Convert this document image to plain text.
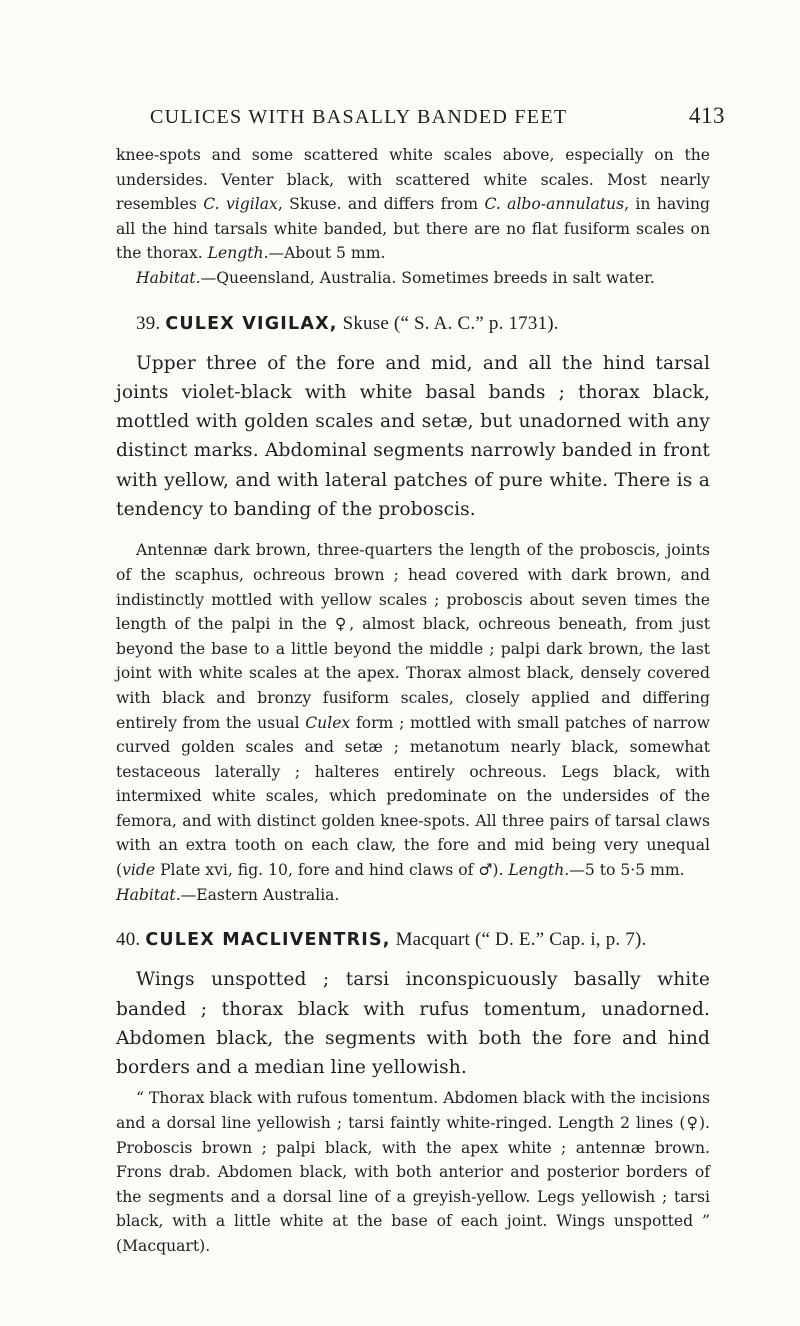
CULICES WITH BASALLY BANDED FEET	413

knee-spots and some scattered white scales above, especially on the undersides. Venter black, with scattered white scales. Most nearly resembles C. vigilax, Skuse. and differs from C. albo-annulatus, in having all the hind tarsals white banded, but there are no flat fusiform scales on the thorax. Length.—About 5 mm.

Habitat.—Queensland, Australia. Sometimes breeds in salt water.

39. CULEX VIGILAX, Skuse (“ S. A. C.” p. 1731).

Upper three of the fore and mid, and all the hind tarsal joints violet-black with white basal bands ; thorax black, mottled with golden scales and setæ, but unadorned with any distinct marks. Abdominal segments narrowly banded in front with yellow, and with lateral patches of pure white. There is a tendency to banding of the proboscis.

Antennæ dark brown, three-quarters the length of the proboscis, joints of the scaphus, ochreous brown ; head covered with dark brown, and indistinctly mottled with yellow scales ; proboscis about seven times the length of the palpi in the ♀, almost black, ochreous beneath, from just beyond the base to a little beyond the middle ; palpi dark brown, the last joint with white scales at the apex. Thorax almost black, densely covered with black and bronzy fusiform scales, closely applied and differing entirely from the usual Culex form ; mottled with small patches of narrow curved golden scales and setæ ; metanotum nearly black, somewhat testaceous laterally ; halteres entirely ochreous. Legs black, with intermixed white scales, which predominate on the undersides of the femora, and with distinct golden knee-spots. All three pairs of tarsal claws with an extra tooth on each claw, the fore and mid being very unequal (vide Plate xvi, fig. 10, fore and hind claws of ♂). Length.—5 to 5·5 mm.

Habitat.—Eastern Australia.

40. CULEX MACLIVENTRIS, Macquart (“ D. E.” Cap. i, p. 7).

Wings unspotted ; tarsi inconspicuously basally white banded ; thorax black with rufus tomentum, unadorned. Abdomen black, the segments with both the fore and hind borders and a median line yellowish.

“ Thorax black with rufous tomentum. Abdomen black with the incisions and a dorsal line yellowish ; tarsi faintly white-ringed. Length 2 lines (♀). Proboscis brown ; palpi black, with the apex white ; antennæ brown. Frons drab. Abdomen black, with both anterior and posterior borders of the segments and a dorsal line of a greyish-yellow. Legs yellowish ; tarsi black, with a little white at the base of each joint. Wings unspotted ” (Macquart).
